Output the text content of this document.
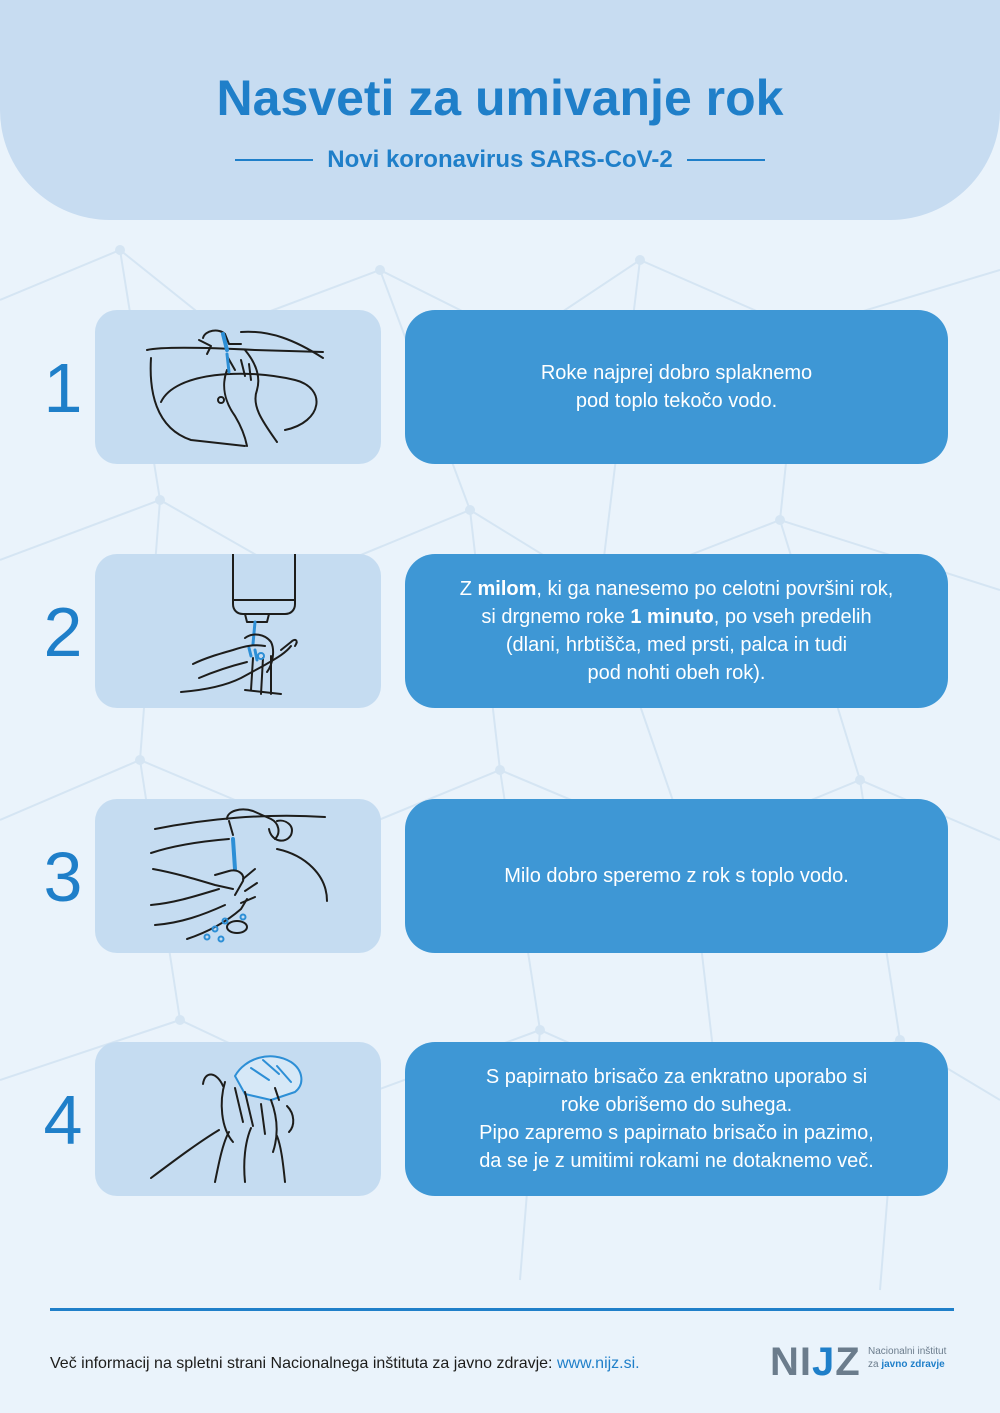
Nasveti za umivanje rok
Novi koronavirus SARS-CoV-2
1	Roke najprej dobro splaknemo
pod toplo tekočo vodo.
2
Z milom, ki ga nanesemo po celotni površini rok,
si drgnemo roke 1 minuto, po vseh predelih
(dlani, hrbtišča, med prsti, palca in tudi
pod nohti obeh rok).
3	Milo dobro speremo z rok s toplo vodo.
4
S papirnato brisačo za enkratno uporabo si
roke obrišemo do suhega.
Pipo zapremo s papirnato brisačo in pazimo,
da se je z umitimi rokami ne dotaknemo več.
Več informacij na spletni strani Nacionalnega inštituta za javno zdravje: www.nijz.si.	NIJZ Nacionalni inštitut
za javno zdravje
